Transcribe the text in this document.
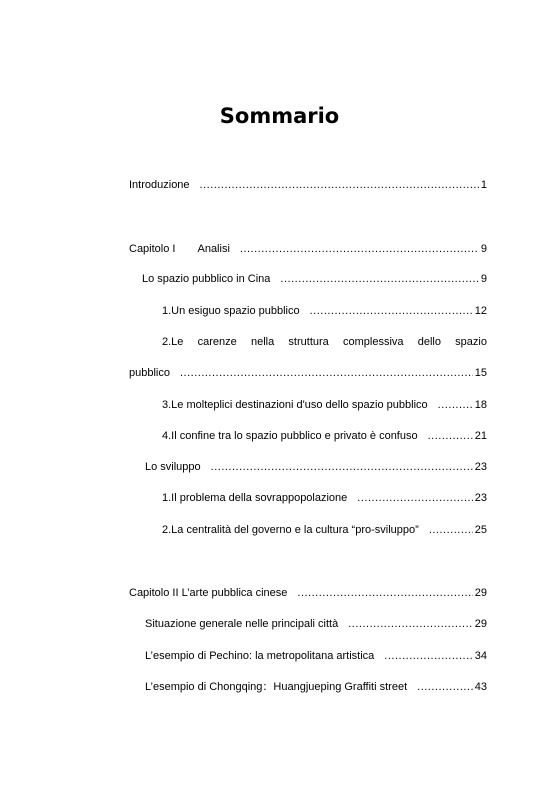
Sommario
Introduzione .....	1
Capitolo I Analisi .....	9
Lo spazio pubblico in Cina .....	9
1.Un esiguo spazio pubblico .....	12
2.Le carenze nella struttura complessiva dello spazio
pubblico .....	15
3.Le molteplici destinazioni d'uso dello spazio pubblico .....	18
4.Il confine tra lo spazio pubblico e privato è confuso .....	21
Lo sviluppo .....	23
1.Il problema della sovrappopolazione .....	23
2.La centralità del governo e la cultura “pro-sviluppo” .....	25
Capitolo II L’arte pubblica cinese .....	29
Situazione generale nelle principali città .....	29
L’esempio di Pechino: la metropolitana artistica .....	34
L’esempio di Chongqing：Huangjueping Graffiti street .....	43
